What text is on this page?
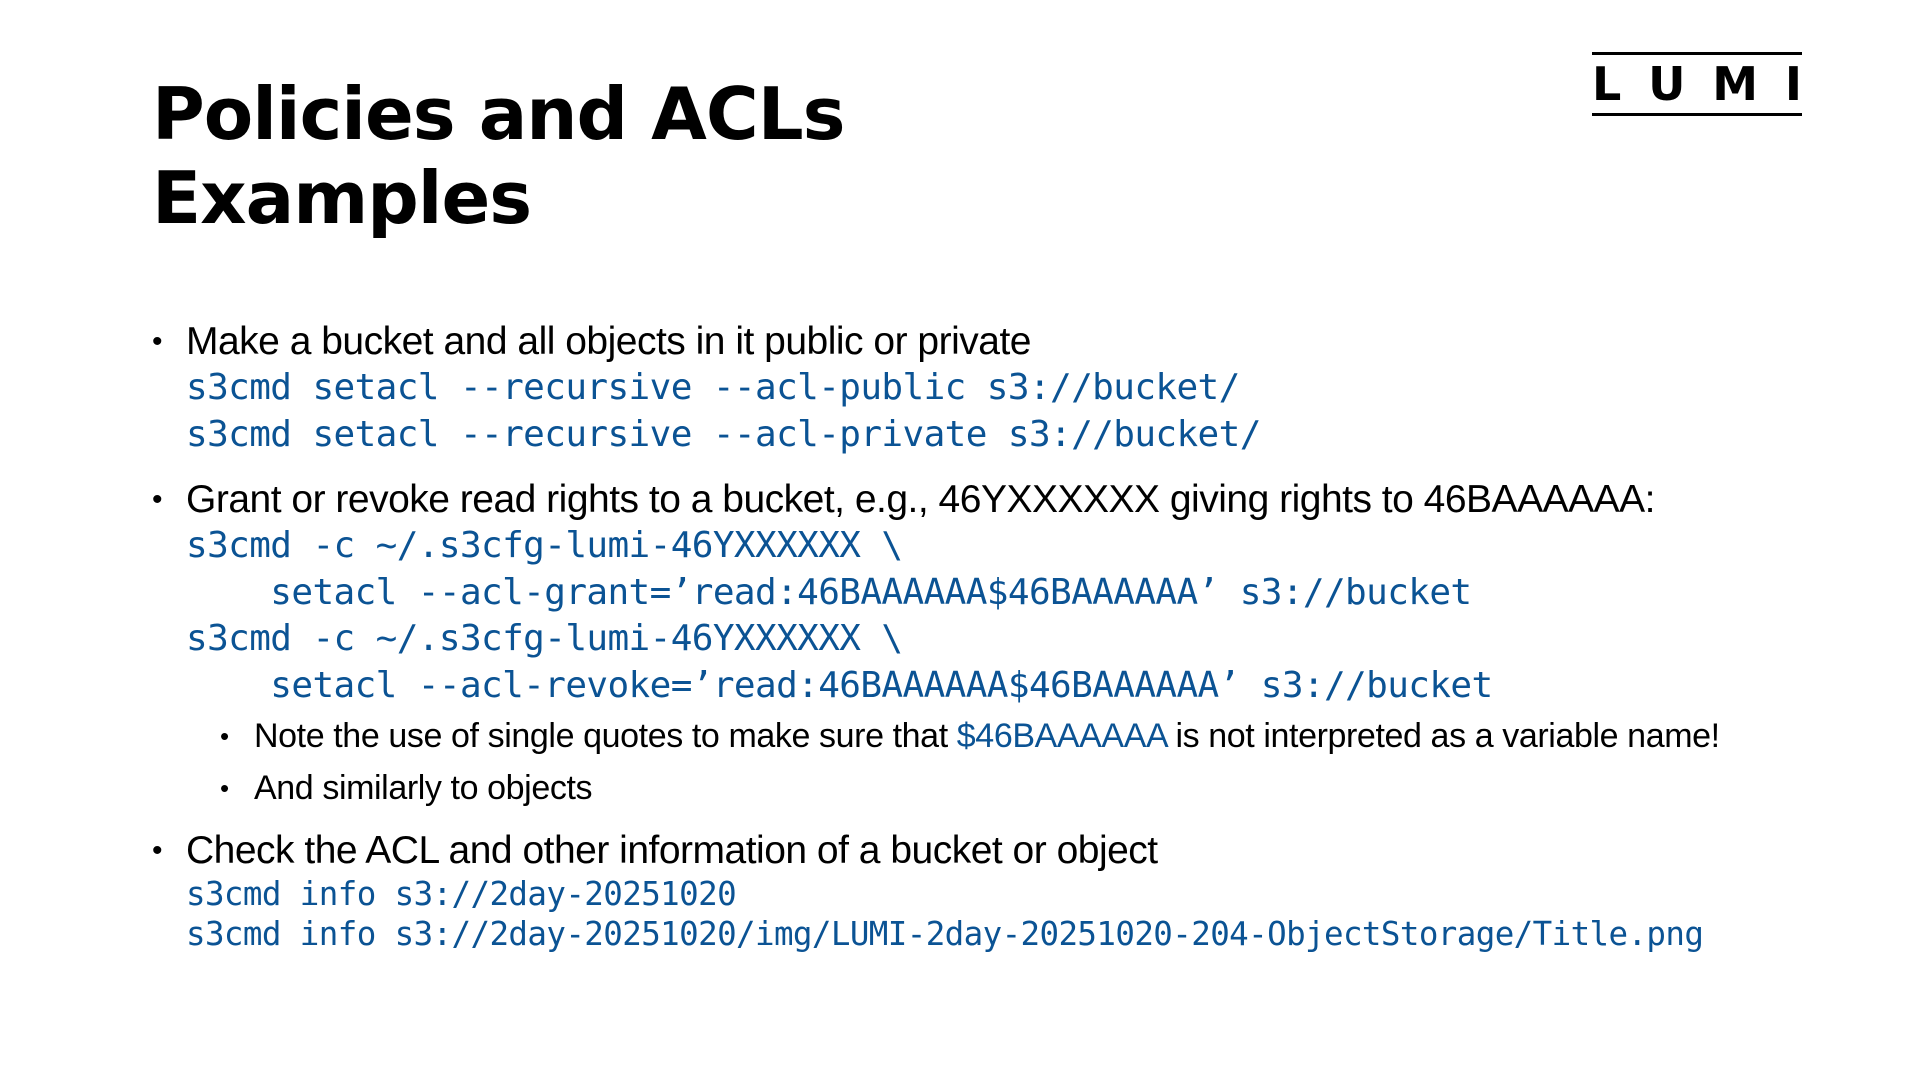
Policies and ACLs
Examples
L U M I
• Make a bucket and all objects in it public or private
s3cmd setacl --recursive --acl-public s3://bucket/
s3cmd setacl --recursive --acl-private s3://bucket/
• Grant or revoke read rights to a bucket, e.g., 46YXXXXXX giving rights to 46BAAAAAA:
s3cmd -c ~/.s3cfg-lumi-46YXXXXXX \
setacl --acl-grant=’read:46BAAAAAA$46BAAAAAA’ s3://bucket
s3cmd -c ~/.s3cfg-lumi-46YXXXXXX \
setacl --acl-revoke=’read:46BAAAAAA$46BAAAAAA’ s3://bucket
• Note the use of single quotes to make sure that $46BAAAAAA is not interpreted as a variable name!
• And similarly to objects
• Check the ACL and other information of a bucket or object
s3cmd info s3://2day-20251020
s3cmd info s3://2day-20251020/img/LUMI-2day-20251020-204-ObjectStorage/Title.png
